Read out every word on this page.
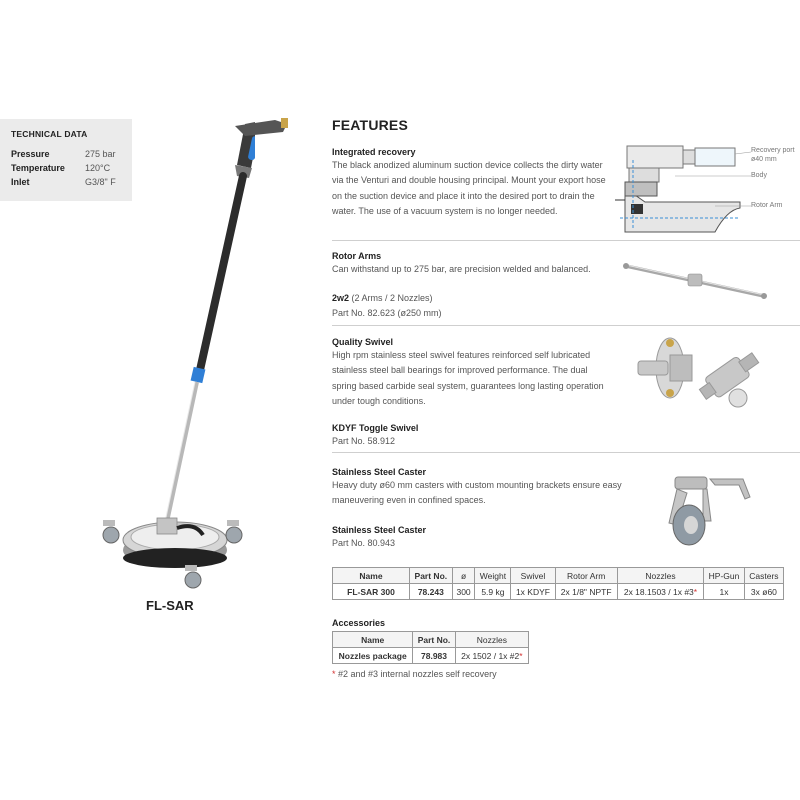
TECHNICAL DATA
Pressure	275 bar
Temperature 120°C
Inlet	G3/8" F
FL-SAR
FEATURES
Integrated recovery
The black anodized aluminum suction device collects the dirty water
via the Venturi and double housing principal. Mount your export hose
on the suction device and place it into the desired port to drain the
water. The use of a vacuum system is no longer needed.
Recovery port
ø40 mm
Body
Rotor Arm
Rotor Arms
Can withstand up to 275 bar, are precision welded and balanced.
2w2 (2 Arms / 2 Nozzles)
Part No. 82.623 (ø250 mm)
Quality Swivel
High rpm stainless steel swivel features reinforced self lubricated
stainless steel ball bearings for improved performance. The dual
spring based carbide seal system, guarantees long lasting operation
under tough conditions.
KDYF Toggle Swivel
Part No. 58.912
Stainless Steel Caster
Heavy duty ø60 mm casters with custom mounting brackets ensure easy
maneuvering even in confined spaces.
Stainless Steel Caster
Part No. 80.943
Name	Part No.	ø	Weight	Swivel	Rotor Arm	Nozzles	HP-Gun	Casters
FL-SAR 300	78.243	300	5.9 kg	1x KDYF	2x 1/8" NPTF	2x 18.1503 / 1x #3*	1x	3x ø60
Accessories
Name	Part No.	Nozzles
Nozzles package	78.983	2x 1502 / 1x #2*
* #2 and #3 internal nozzles self recovery
